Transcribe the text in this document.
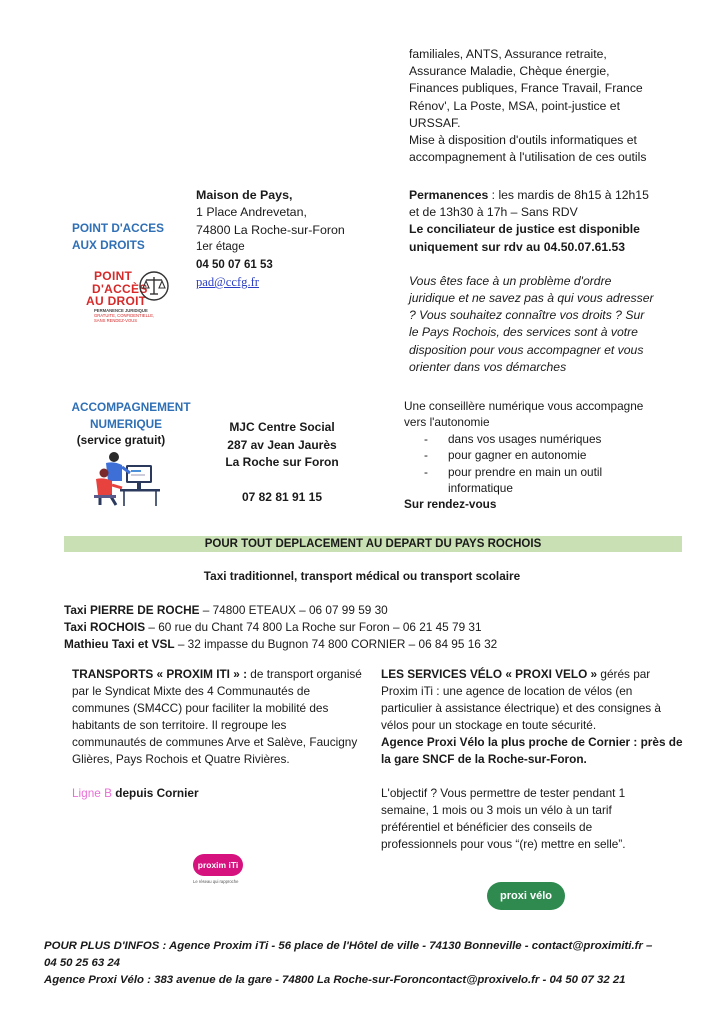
familiales, ANTS, Assurance retraite,

Assurance Maladie, Chèque énergie,

Finances publiques, France Travail, France

Rénov', La Poste, MSA, point-justice et

URSSAF.

Mise à disposition d'outils informatiques et

accompagnement à l'utilisation de ces outils

POINT D'ACCES

AUX DROITS

POINT
D'ACCÈS
AU DROIT
PERMANENCE JURIDIQUE
GRATUITE, CONFIDENTIELLE,
SANS RENDEZ-VOUS

Maison de Pays,

1 Place Andrevetan,

74800 La Roche-sur-Foron

1er étage

04 50 07 61 53

pad@ccfg.fr

Permanences : les mardis de 8h15 à 12h15

et de 13h30 à 17h – Sans RDV

Le conciliateur de justice est disponible

uniquement sur rdv au 04.50.07.61.53

Vous êtes face à un problème d'ordre

juridique et ne savez pas à qui vous adresser

? Vous souhaitez connaître vos droits ? Sur

le Pays Rochois, des services sont à votre

disposition pour vous accompagner et vous

orienter dans vos démarches

ACCOMPAGNEMENT

NUMERIQUE

(service gratuit)

MJC Centre Social

287 av Jean Jaurès

La Roche sur Foron

07 82 81 91 15

Une conseillère numérique vous accompagne

vers l'autonomie

- dans vos usages numériques
- pour gagner en autonomie
- pour prendre en main un outil

informatique

Sur rendez-vous

POUR TOUT DEPLACEMENT AU DEPART DU PAYS ROCHOIS
Taxi traditionnel, transport médical ou transport scolaire

Taxi PIERRE DE ROCHE – 74800 ETEAUX – 06 07 99 59 30

Taxi ROCHOIS – 60 rue du Chant 74 800 La Roche sur Foron – 06 21 45 79 31

Mathieu Taxi et VSL – 32 impasse du Bugnon 74 800 CORNIER – 06 84 95 16 32

TRANSPORTS « PROXIM ITI » : de transport organisé

par le Syndicat Mixte des 4 Communautés de

communes (SM4CC) pour faciliter la mobilité des

habitants de son territoire. Il regroupe les

communautés de communes Arve et Salève, Faucigny

Glières, Pays Rochois et Quatre Rivières.

Ligne B depuis Cornier

proxim iTi
Le réseau qui rapproche

LES SERVICES VÉLO « PROXI VELO » gérés par

Proxim iTi : une agence de location de vélos (en

particulier à assistance électrique) et des consignes à

vélos pour un stockage en toute sécurité.

Agence Proxi Vélo la plus proche de Cornier : près de

la gare SNCF de la Roche-sur-Foron.

L'objectif ? Vous permettre de tester pendant 1

semaine, 1 mois ou 3 mois un vélo à un tarif

préférentiel et bénéficier des conseils de

professionnels pour vous “(re) mettre en selle”.

proxi vélo

POUR PLUS D'INFOS : Agence Proxim iTi - 56 place de l'Hôtel de ville - 74130 Bonneville - contact@proximiti.fr –

04 50 25 63 24

Agence Proxi Vélo : 383 avenue de la gare - 74800 La Roche-sur-Foroncontact@proxivelo.fr - 04 50 07 32 21
